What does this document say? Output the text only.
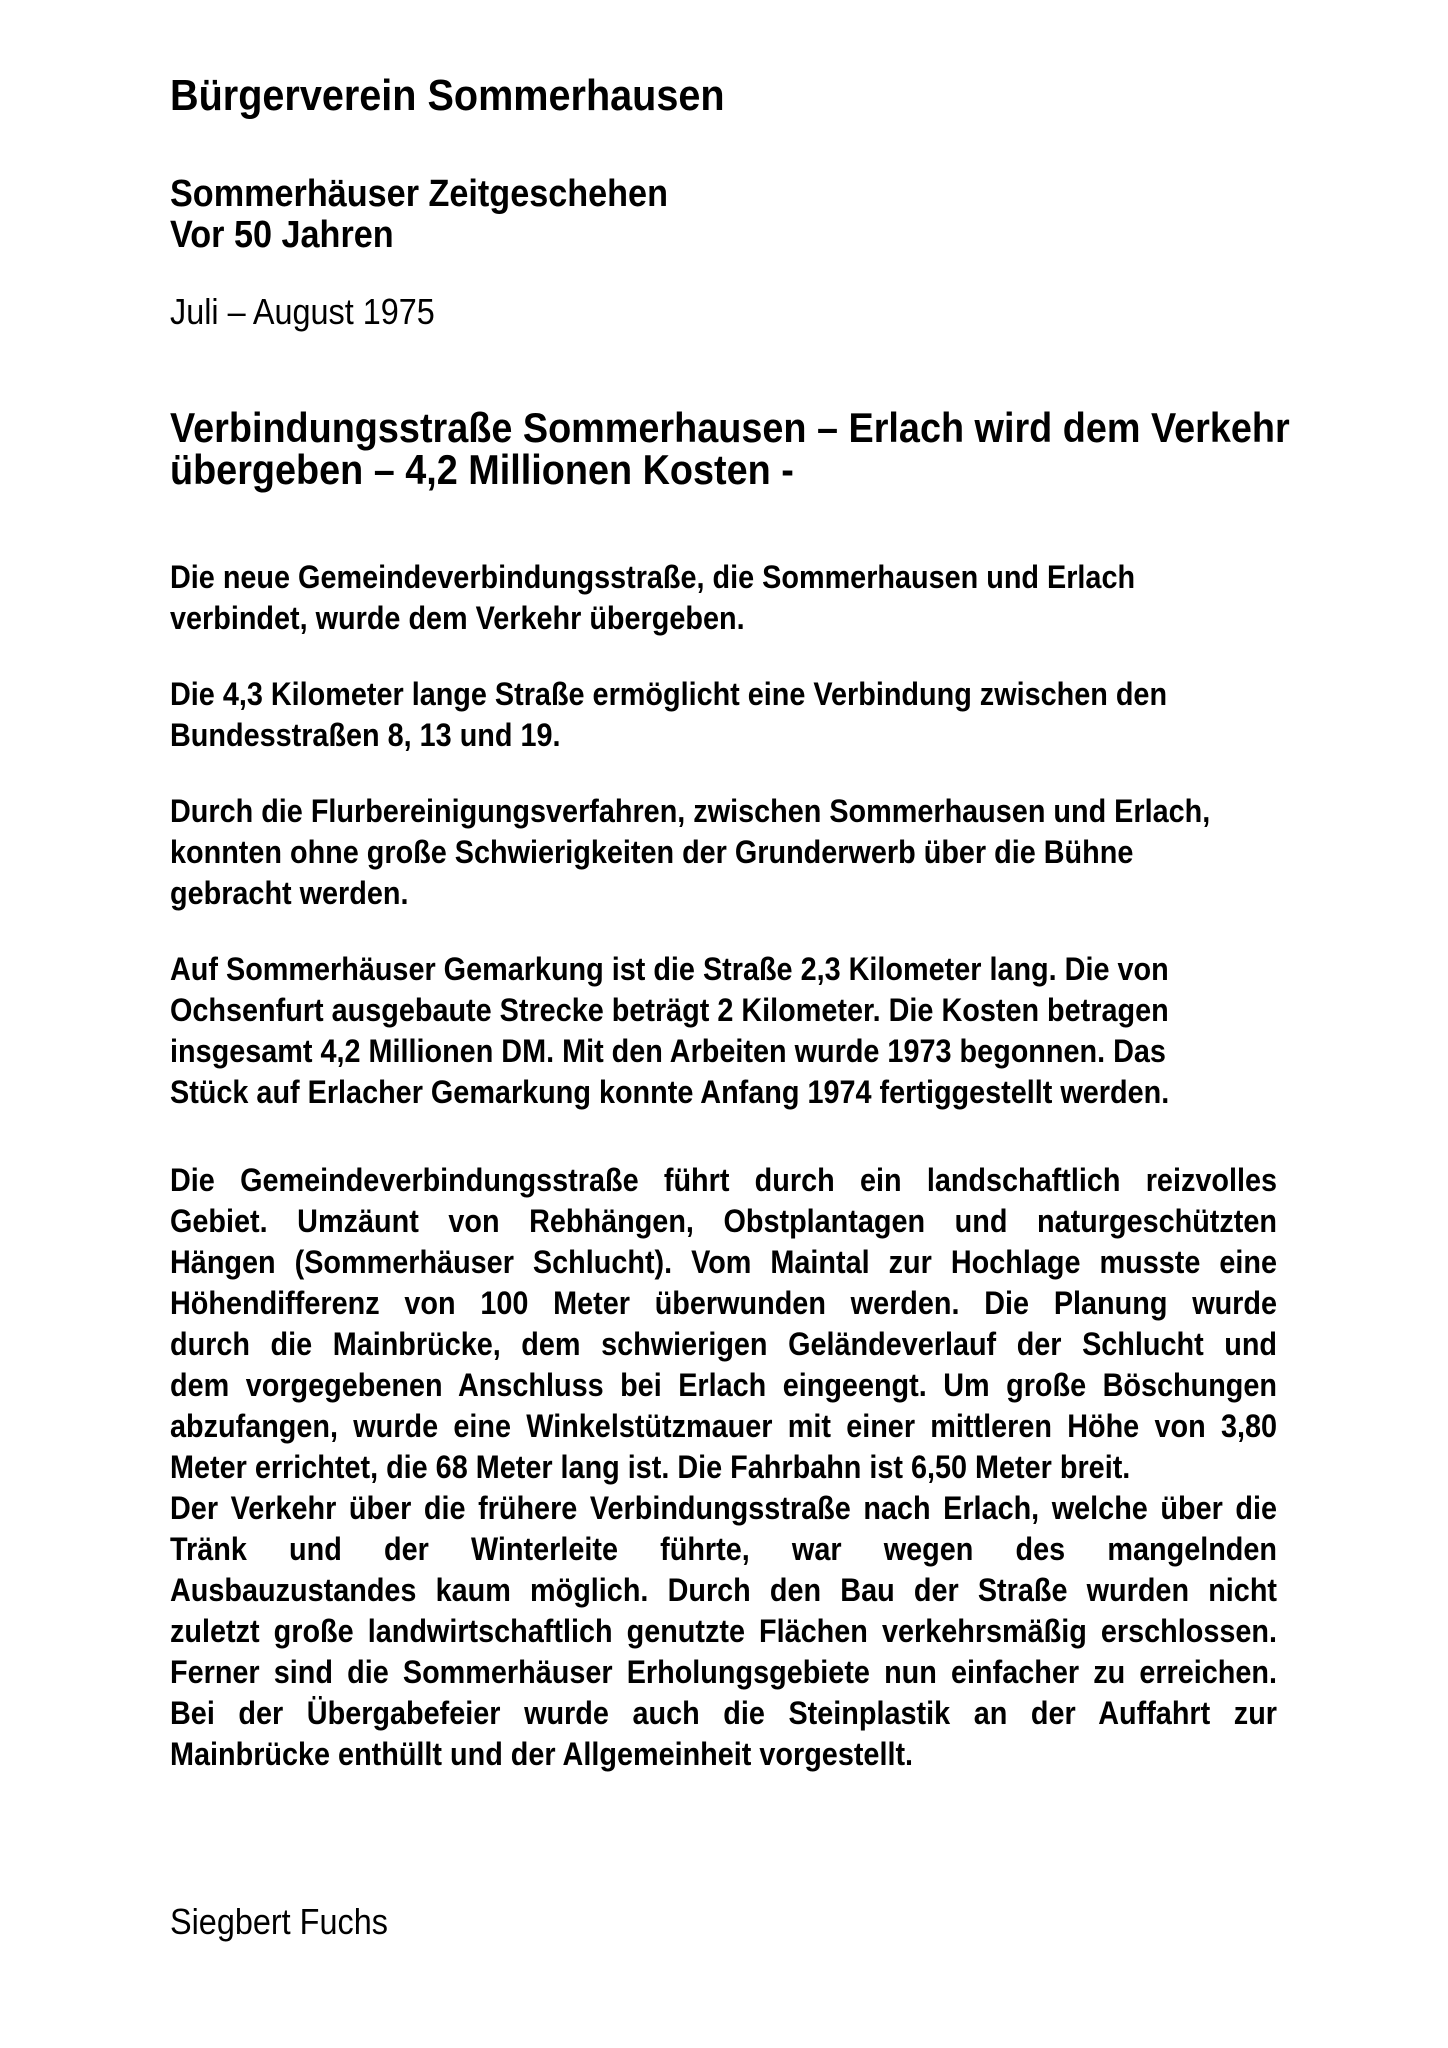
Bürgerverein Sommerhausen
Sommerhäuser Zeitgeschehen
Vor 50 Jahren
Juli – August 1975
Verbindungsstraße Sommerhausen – Erlach wird dem Verkehr
übergeben – 4,2 Millionen Kosten -
Die neue Gemeindeverbindungsstraße, die Sommerhausen und Erlach
verbindet, wurde dem Verkehr übergeben.
Die 4,3 Kilometer lange Straße ermöglicht eine Verbindung zwischen den
Bundesstraßen 8, 13 und 19.
Durch die Flurbereinigungsverfahren, zwischen Sommerhausen und Erlach,
konnten ohne große Schwierigkeiten der Grunderwerb über die Bühne
gebracht werden.
Auf Sommerhäuser Gemarkung ist die Straße 2,3 Kilometer lang. Die von
Ochsenfurt ausgebaute Strecke beträgt 2 Kilometer. Die Kosten betragen
insgesamt 4,2 Millionen DM. Mit den Arbeiten wurde 1973 begonnen. Das
Stück auf Erlacher Gemarkung konnte Anfang 1974 fertiggestellt werden.
Die Gemeindeverbindungsstraße führt durch ein landschaftlich reizvolles
Gebiet. Umzäunt von Rebhängen, Obstplantagen und naturgeschützten
Hängen (Sommerhäuser Schlucht). Vom Maintal zur Hochlage musste eine
Höhendifferenz von 100 Meter überwunden werden. Die Planung wurde
durch die Mainbrücke, dem schwierigen Geländeverlauf der Schlucht und
dem vorgegebenen Anschluss bei Erlach eingeengt. Um große Böschungen
abzufangen, wurde eine Winkelstützmauer mit einer mittleren Höhe von 3,80
Meter errichtet, die 68 Meter lang ist. Die Fahrbahn ist 6,50 Meter breit.
Der Verkehr über die frühere Verbindungsstraße nach Erlach, welche über die
Tränk und der Winterleite führte, war wegen des mangelnden
Ausbauzustandes kaum möglich. Durch den Bau der Straße wurden nicht
zuletzt große landwirtschaftlich genutzte Flächen verkehrsmäßig erschlossen.
Ferner sind die Sommerhäuser Erholungsgebiete nun einfacher zu erreichen.
Bei der Übergabefeier wurde auch die Steinplastik an der Auffahrt zur
Mainbrücke enthüllt und der Allgemeinheit vorgestellt.
Siegbert Fuchs
